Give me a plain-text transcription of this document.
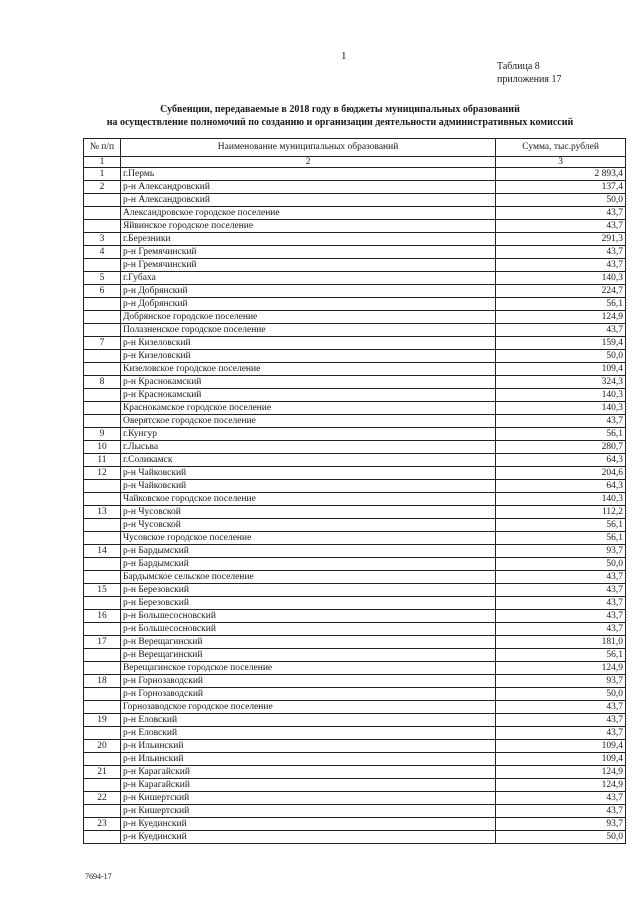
1
Таблица 8
приложения 17
Субвенции, передаваемые в 2018 году в бюджеты муниципальных образований
на осуществление полномочий по созданию и организации деятельности административных комиссий
№ п/п	Наименование муниципальных образований	Сумма, тыс.рублей
1	2	3
1	г.Пермь	2 893,4
2	р-н Александровский	137,4
	р-н Александровский	50,0
	Александровское городское поселение	43,7
	Яйвинское городское поселение	43,7
3	г.Березники	291,3
4	р-н Гремячинский	43,7
	р-н Гремячинский	43,7
5	г.Губаха	140,3
6	р-н Добрянский	224,7
	р-н Добрянский	56,1
	Добрянское городское поселение	124,9
	Полазненское городское поселение	43,7
7	р-н Кизеловский	159,4
	р-н Кизеловский	50,0
	Кизеловское городское поселение	109,4
8	р-н Краснокамский	324,3
	р-н Краснокамский	140,3
	Краснокамское городское поселение	140,3
	Оверятское городское поселение	43,7
9	г.Кунгур	56,1
10	г.Лысьва	280,7
11	г.Соликамск	64,3
12	р-н Чайковский	204,6
	р-н Чайковский	64,3
	Чайковское городское поселение	140,3
13	р-н Чусовской	112,2
	р-н Чусовской	56,1
	Чусовское городское поселение	56,1
14	р-н Бардымский	93,7
	р-н Бардымский	50,0
	Бардымское сельское поселение	43,7
15	р-н Березовский	43,7
	р-н Березовский	43,7
16	р-н Большесосновский	43,7
	р-н Большесосновский	43,7
17	р-н Верещагинский	181,0
	р-н Верещагинский	56,1
	Верещагинское городское поселение	124,9
18	р-н Горнозаводский	93,7
	р-н Горнозаводский	50,0
	Горнозаводское городское поселение	43,7
19	р-н Еловский	43,7
	р-н Еловский	43,7
20	р-н Ильинский	109,4
	р-н Ильинский	109,4
21	р-н Карагайский	124,9
	р-н Карагайский	124,9
22	р-н Кишертский	43,7
	р-н Кишертский	43,7
23	р-н Куединский	93,7
	р-н Куединский	50,0
7694-17
